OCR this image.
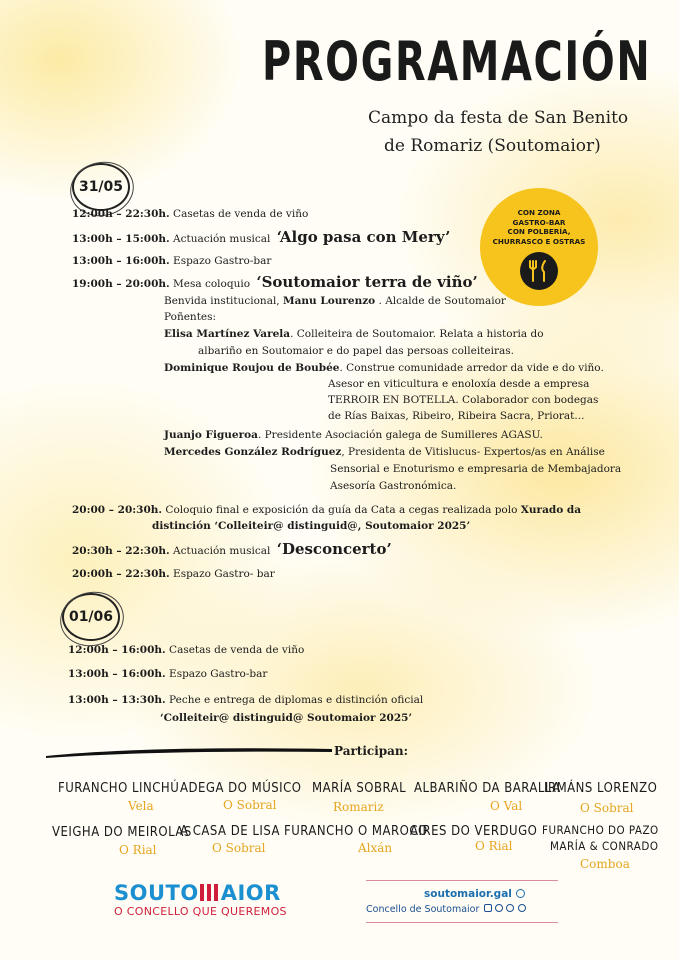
PROGRAMACIÓN
Campo da festa de San Benito
de Romariz (Soutomaior)
CON ZONA
GASTRO-BAR
CON POLBERÍA,
CHURRASCO E OSTRAS
31/05
12:00h – 22:30h. Casetas de venda de viño
13:00h – 15:00h. Actuación musical ‘Algo pasa con Mery’
13:00h – 16:00h. Espazo Gastro-bar
19:00h – 20:00h. Mesa coloquio ‘Soutomaior terra de viño’
Benvida institucional, Manu Lourenzo . Alcalde de Soutomaior
Poñentes:
Elisa Martínez Varela. Colleiteira de Soutomaior. Relata a historia do
albariño en Soutomaior e do papel das persoas colleiteiras.
Dominique Roujou de Boubée. Construe comunidade arredor da vide e do viño.
Asesor en viticultura e enoloxía desde a empresa
TERROIR EN BOTELLA. Colaborador con bodegas
de Rías Baixas, Ribeiro, Ribeira Sacra, Priorat...
Juanjo Figueroa. Presidente Asociación galega de Sumilleres AGASU.
Mercedes González Rodríguez, Presidenta de Vitislucus- Expertos/as en Análise
Sensorial e Enoturismo e empresaria de Membajadora
Asesoría Gastronómica.
20:00 – 20:30h. Coloquio final e exposición da guía da Cata a cegas realizada polo Xurado da
distinción ‘Colleiteir@ distinguid@, Soutomaior 2025’
20:30h – 22:30h. Actuación musical ‘Desconcerto’
20:00h – 22:30h. Espazo Gastro- bar
01/06
12:00h – 16:00h. Casetas de venda de viño
13:00h – 16:00h. Espazo Gastro-bar
13:00h – 13:30h. Peche e entrega de diplomas e distinción oficial
‘Colleiteir@ distinguid@ Soutomaior 2025’
Participan:
FURANCHO LINCHÚ
Vela
ADEGA DO MÚSICO
O Sobral
MARÍA SOBRAL
Romariz
ALBARIÑO DA BARALLA
O Val
IRMÁNS LORENZO
O Sobral
VEIGHA DO MEIROLAS
O Rial
A CASA DE LISA
O Sobral
FURANCHO O MAROCO
Alxán
AIRES DO VERDUGO
O Rial
FURANCHO DO PAZO
MARÍA & CONRADO
Comboa
SOUTO AIOR
O CONCELLO QUE QUEREMOS
soutomaior.gal
Concello de Soutomaior
